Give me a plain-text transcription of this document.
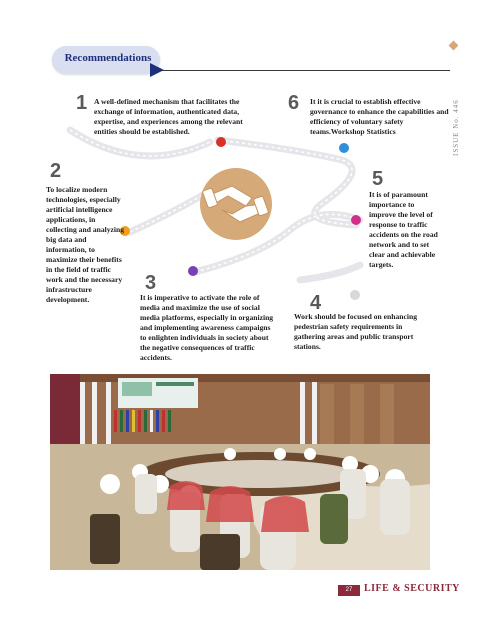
Recommendations
ISSUE No. 446
1 A well-defined mechanism that facilitates the exchange of information, authenticated data, expertise, and experiences among the relevant entities should be established.
6 It it is crucial to establish effective governance to enhance the capabilities and efficiency of voluntary safety teams.Workshop Statistics
2
To localize modern technologies, especially artificial intelligence applications, in collecting and analyzing big data and information, to maximize their benefits in the field of traffic work and the necessary infrastructure development.
5
It is of paramount importance to improve the level of response to traffic accidents on the road network and to set clear and achievable targets.
3
It is imperative to activate the role of media and maximize the use of social media platforms, especially in organizing and implementing awareness campaigns to enlighten individuals in society about the negative consequences of traffic accidents.
4
Work should be focused on enhancing pedestrian safety requirements in gathering areas and public transport stations.
27	LIFE & SECURITY
